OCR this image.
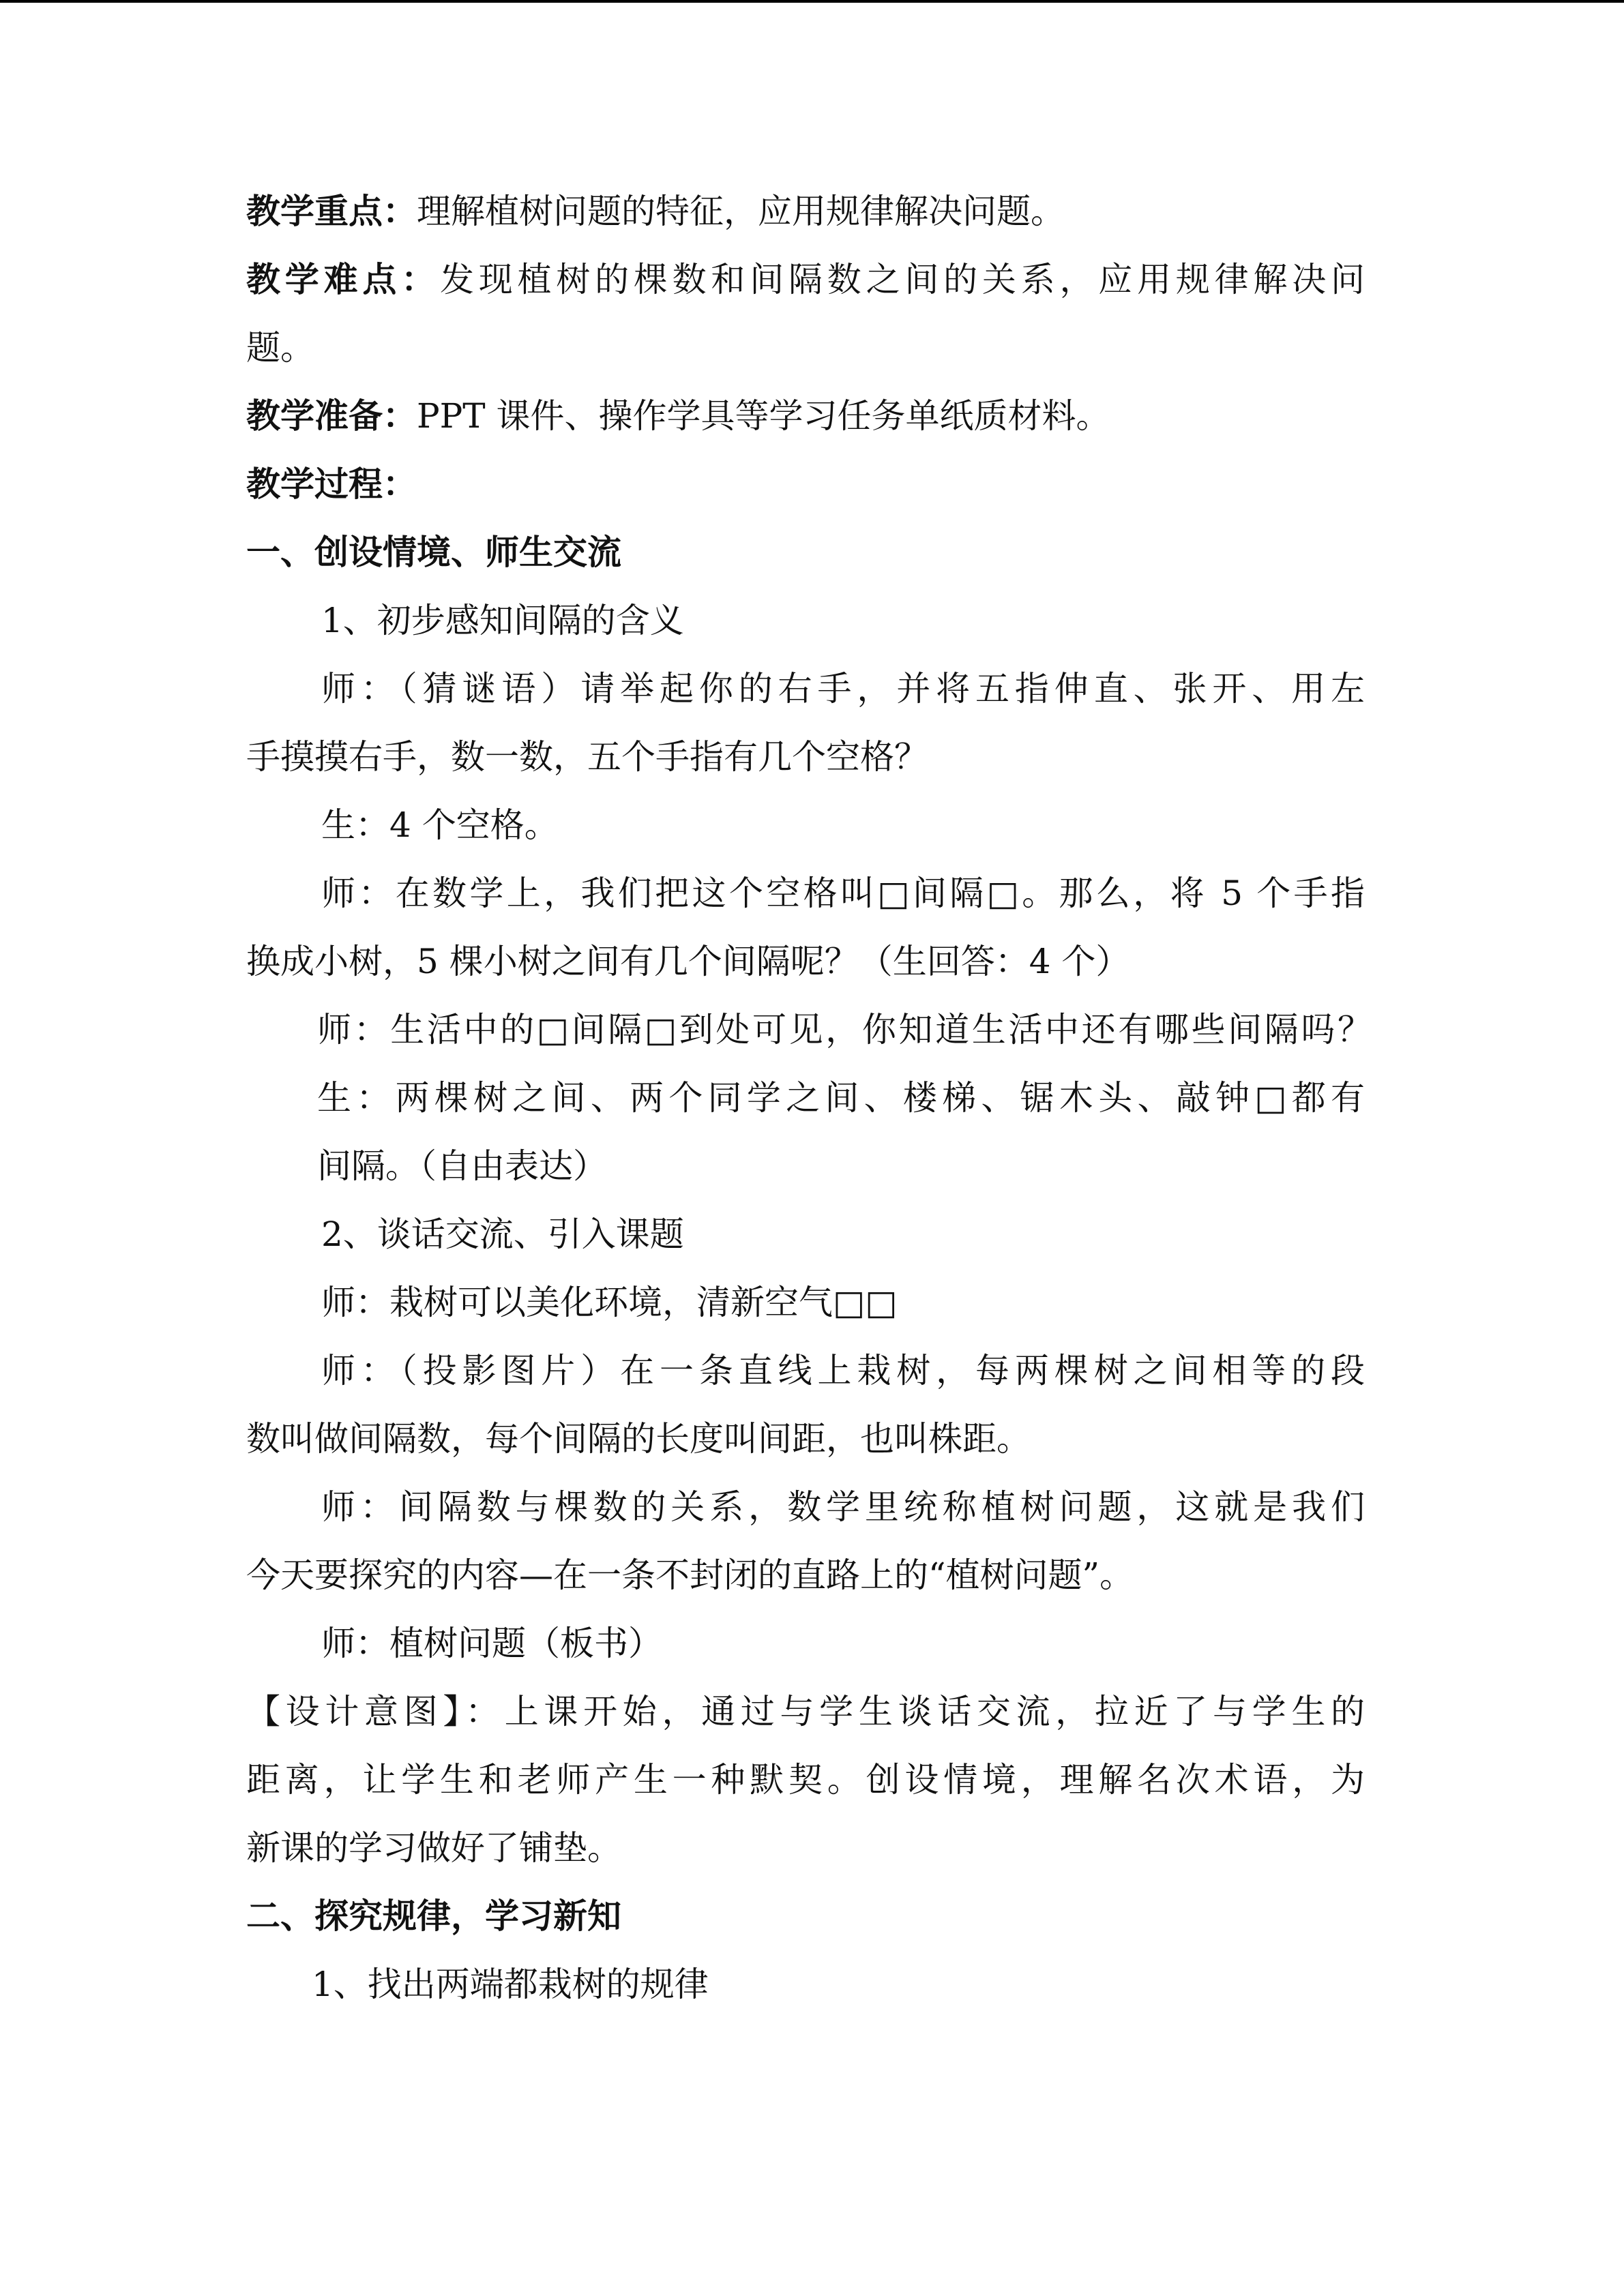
教学重点：理解植树问题的特征，应用规律解决问题。
教学难点：发现植树的棵数和间隔数之间的关系，应用规律解决问
题。
教学准备：PPT 课件、操作学具等学习任务单纸质材料。
教学过程：
一、创设情境、师生交流
1、初步感知间隔的含义
师：（猜谜语）请举起你的右手，并将五指伸直、张开、用左
手摸摸右手，数一数，五个手指有几个空格？
生：4 个空格。
师：在数学上，我们把这个空格叫□间隔□。那么，将 5 个手指
换成小树，5 棵小树之间有几个间隔呢？（生回答：4 个）
师：生活中的□间隔□到处可见，你知道生活中还有哪些间隔吗？
生：两棵树之间、两个同学之间、楼梯、锯木头、敲钟□都有
间隔。（自由表达）
2、谈话交流、引入课题
师：栽树可以美化环境，清新空气□□
师：（投影图片）在一条直线上栽树，每两棵树之间相等的段
数叫做间隔数，每个间隔的长度叫间距，也叫株距。
师：间隔数与棵数的关系，数学里统称植树问题，这就是我们
今天要探究的内容—在一条不封闭的直路上的“植树问题”。
师：植树问题（板书）
【设计意图】：上课开始，通过与学生谈话交流，拉近了与学生的
距离，让学生和老师产生一种默契。创设情境，理解名次术语，为
新课的学习做好了铺垫。
二、探究规律，学习新知
1、找出两端都栽树的规律
